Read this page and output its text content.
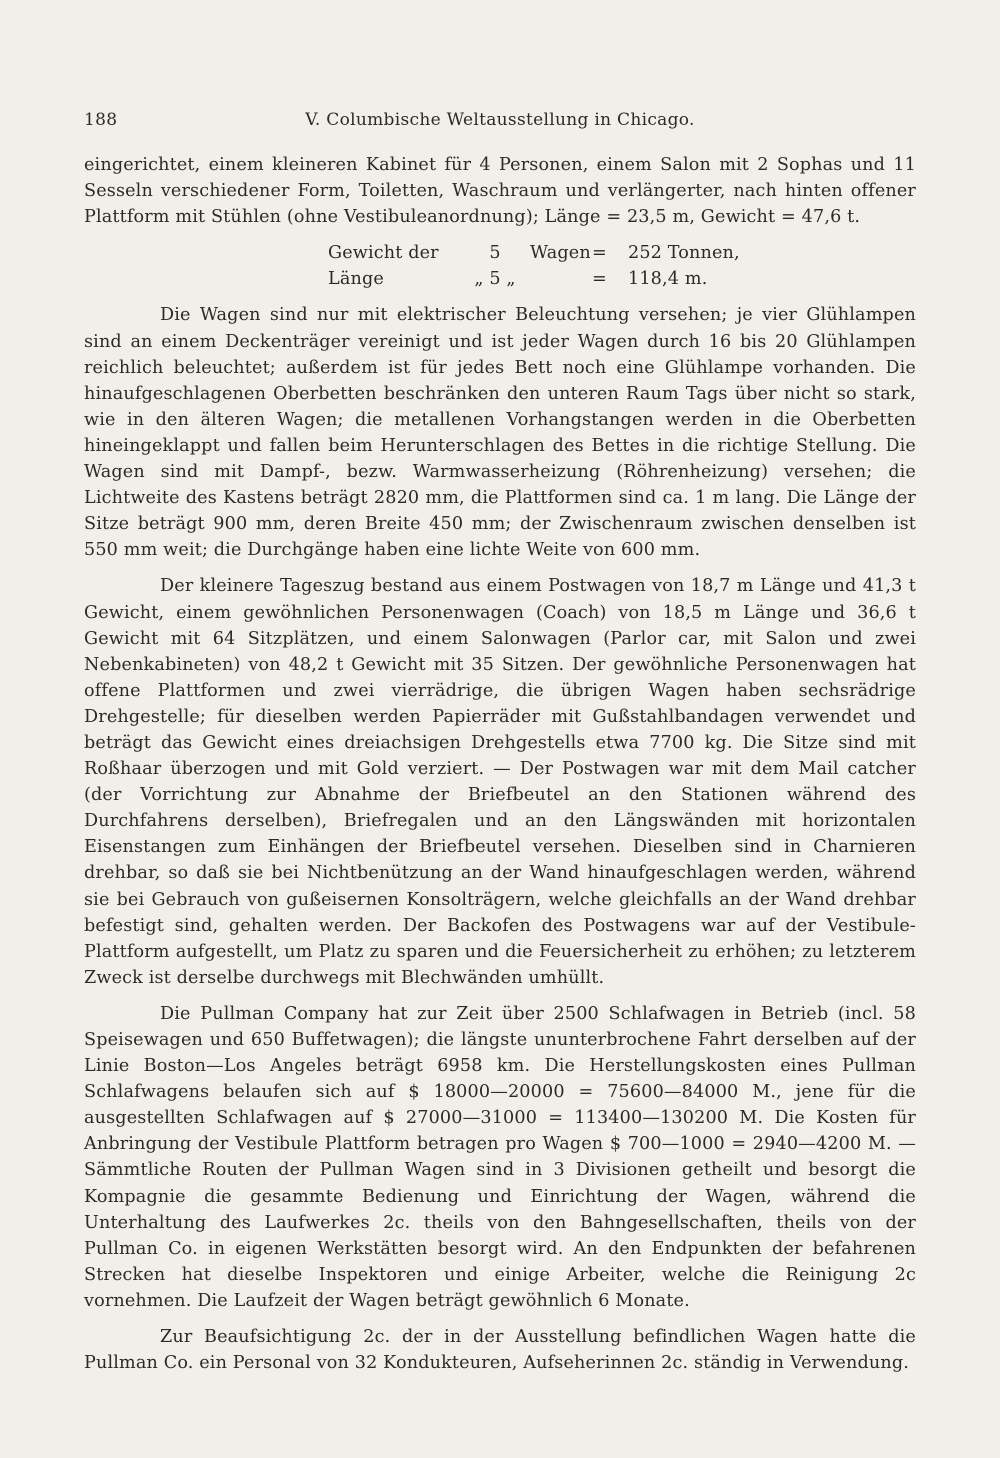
188	V. Columbische Weltausstellung in Chicago.

eingerichtet, einem kleineren Kabinet für 4 Personen, einem Salon mit 2 Sophas und 11 Sesseln verschiedener Form, Toiletten, Waschraum und verlängerter, nach hinten offener Plattform mit Stühlen (ohne Vestibuleanordnung); Länge = 23,5 m, Gewicht = 47,6 t.

Gewicht der	5	Wagen =	252 Tonnen,
Länge	„ 5 „	=	118,4 m.

Die Wagen sind nur mit elektrischer Beleuchtung versehen; je vier Glühlampen sind an einem Deckenträger vereinigt und ist jeder Wagen durch 16 bis 20 Glühlampen reichlich beleuchtet; außerdem ist für jedes Bett noch eine Glühlampe vorhanden. Die hinaufgeschlagenen Oberbetten beschränken den unteren Raum Tags über nicht so stark, wie in den älteren Wagen; die metallenen Vorhangstangen werden in die Oberbetten hineingeklappt und fallen beim Herunterschlagen des Bettes in die richtige Stellung. Die Wagen sind mit Dampf-, bezw. Warmwasserheizung (Röhrenheizung) versehen; die Lichtweite des Kastens beträgt 2820 mm, die Plattformen sind ca. 1 m lang. Die Länge der Sitze beträgt 900 mm, deren Breite 450 mm; der Zwischenraum zwischen denselben ist 550 mm weit; die Durchgänge haben eine lichte Weite von 600 mm.

Der kleinere Tageszug bestand aus einem Postwagen von 18,7 m Länge und 41,3 t Gewicht, einem gewöhnlichen Personenwagen (Coach) von 18,5 m Länge und 36,6 t Gewicht mit 64 Sitzplätzen, und einem Salonwagen (Parlor car, mit Salon und zwei Nebenkabineten) von 48,2 t Gewicht mit 35 Sitzen. Der gewöhnliche Personenwagen hat offene Plattformen und zwei vierrädrige, die übrigen Wagen haben sechsrädrige Drehgestelle; für dieselben werden Papierräder mit Gußstahlbandagen verwendet und beträgt das Gewicht eines dreiachsigen Drehgestells etwa 7700 kg. Die Sitze sind mit Roßhaar überzogen und mit Gold verziert. — Der Postwagen war mit dem Mail catcher (der Vorrichtung zur Abnahme der Briefbeutel an den Stationen während des Durchfahrens derselben), Briefregalen und an den Längswänden mit horizontalen Eisenstangen zum Einhängen der Briefbeutel versehen. Dieselben sind in Charnieren drehbar, so daß sie bei Nichtbenützung an der Wand hinaufgeschlagen werden, während sie bei Gebrauch von gußeisernen Konsolträgern, welche gleichfalls an der Wand drehbar befestigt sind, gehalten werden. Der Backofen des Postwagens war auf der Vestibule-Plattform aufgestellt, um Platz zu sparen und die Feuersicherheit zu erhöhen; zu letzterem Zweck ist derselbe durchwegs mit Blechwänden umhüllt.

Die Pullman Company hat zur Zeit über 2500 Schlafwagen in Betrieb (incl. 58 Speisewagen und 650 Buffetwagen); die längste ununterbrochene Fahrt derselben auf der Linie Boston—Los Angeles beträgt 6958 km. Die Herstellungskosten eines Pullman Schlafwagens belaufen sich auf $ 18000—20000 = 75600—84000 M., jene für die ausgestellten Schlafwagen auf $ 27000—31000 = 113400—130200 M. Die Kosten für Anbringung der Vestibule Plattform betragen pro Wagen $ 700—1000 = 2940—4200 M. — Sämmtliche Routen der Pullman Wagen sind in 3 Divisionen getheilt und besorgt die Kompagnie die gesammte Bedienung und Einrichtung der Wagen, während die Unterhaltung des Laufwerkes 2c. theils von den Bahngesellschaften, theils von der Pullman Co. in eigenen Werkstätten besorgt wird. An den Endpunkten der befahrenen Strecken hat dieselbe Inspektoren und einige Arbeiter, welche die Reinigung 2c vornehmen. Die Laufzeit der Wagen beträgt gewöhnlich 6 Monate.

Zur Beaufsichtigung 2c. der in der Ausstellung befindlichen Wagen hatte die Pullman Co. ein Personal von 32 Kondukteuren, Aufseherinnen 2c. ständig in Verwendung.
